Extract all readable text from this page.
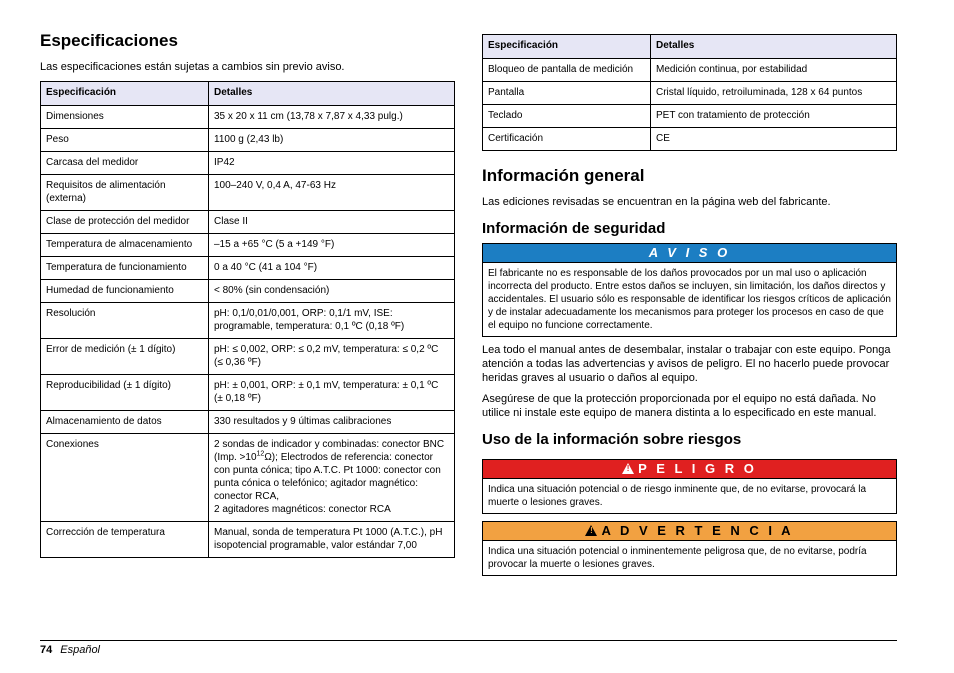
Especificaciones

Las especificaciones están sujetas a cambios sin previo aviso.

Especificación	Detalles
Dimensiones	35 x 20 x 11 cm (13,78 x 7,87 x 4,33 pulg.)
Peso	1100 g (2,43 lb)
Carcasa del medidor	IP42
Requisitos de alimentación (externa)	100–240 V, 0,4 A, 47-63 Hz
Clase de protección del medidor	Clase II
Temperatura de almacenamiento	–15 a +65 °C (5 a +149 °F)
Temperatura de funcionamiento	0 a 40 °C (41 a 104 °F)
Humedad de funcionamiento	< 80% (sin condensación)
Resolución	pH: 0,1/0,01/0,001, ORP: 0,1/1 mV, ISE: programable, temperatura: 0,1 ºC (0,18 ºF)
Error de medición (± 1 dígito)	pH: ≤ 0,002, ORP: ≤ 0,2 mV, temperatura: ≤ 0,2 ºC (≤ 0,36 ºF)
Reproducibilidad (± 1 dígito)	pH: ± 0,001, ORP: ± 0,1 mV, temperatura: ± 0,1 ºC (± 0,18 ºF)
Almacenamiento de datos	330 resultados y 9 últimas calibraciones
Conexiones	2 sondas de indicador y combinadas: conector BNC (Imp. $>10^{12}\Omega$); Electrodos de referencia: conector con punta cónica; tipo A.T.C. Pt 1000: conector con punta cónica o telefónico; agitador magnético: conector RCA,
2 agitadores magnéticos: conector RCA
Corrección de temperatura	Manual, sonda de temperatura Pt 1000 (A.T.C.), pH isopotencial programable, valor estándar 7,00
Especificación	Detalles
Bloqueo de pantalla de medición	Medición continua, por estabilidad
Pantalla	Cristal líquido, retroiluminada, 128 x 64 puntos
Teclado	PET con tratamiento de protección
Certificación	CE
Información general

Las ediciones revisadas se encuentran en la página web del fabricante.

Información de seguridad
A V I S O
El fabricante no es responsable de los daños provocados por un mal uso o aplicación incorrecta del producto. Entre estos daños se incluyen, sin limitación, los daños directos y accidentales. El usuario sólo es responsable de identificar los riesgos críticos de aplicación y de instalar adecuadamente los mecanismos para proteger los procesos en caso de que el equipo no funcione correctamente.

Lea todo el manual antes de desembalar, instalar o trabajar con este equipo. Ponga atención a todas las advertencias y avisos de peligro. El no hacerlo puede provocar heridas graves al usuario o daños al equipo.

Asegúrese de que la protección proporcionada por el equipo no está dañada. No utilice ni instale este equipo de manera distinta a lo especificado en este manual.

Uso de la información sobre riesgos
! P E L I G R O
Indica una situación potencial o de riesgo inminente que, de no evitarse, provocará la muerte o lesiones graves.
! A D V E R T E N C I A
Indica una situación potencial o inminentemente peligrosa que, de no evitarse, podría provocar la muerte o lesiones graves.
74 Español
